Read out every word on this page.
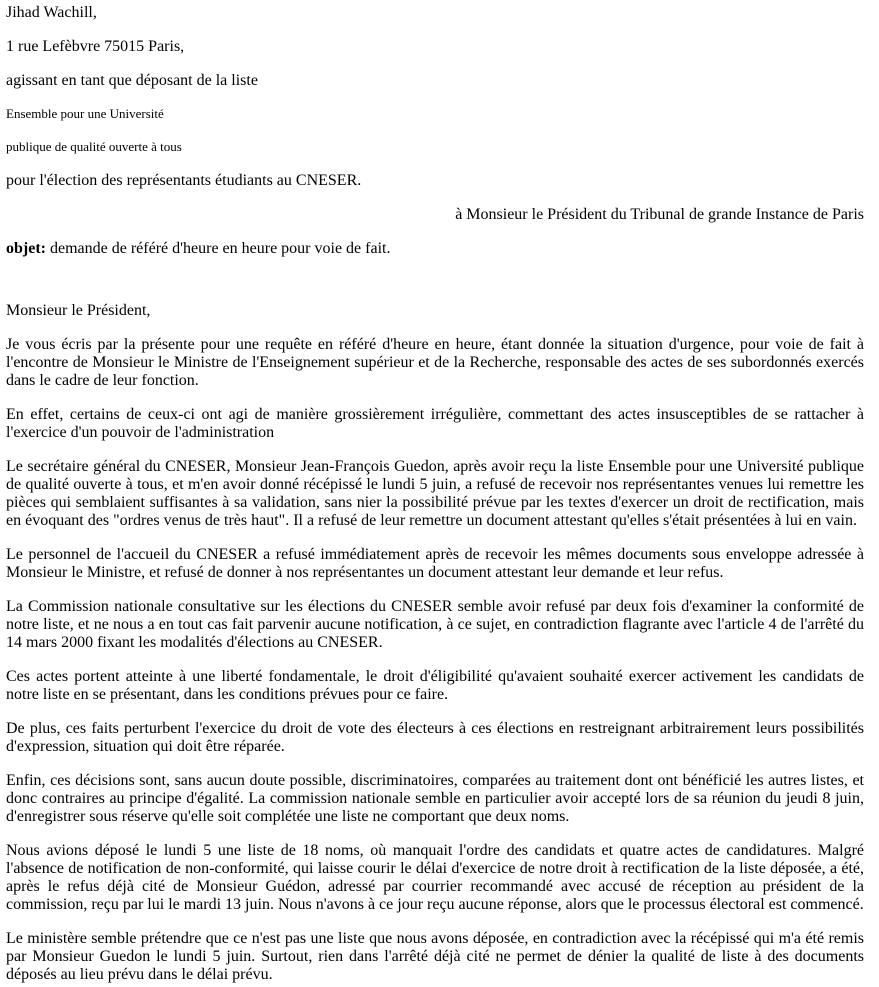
Jihad Wachill,

1 rue Lefèbvre 75015 Paris,

agissant en tant que déposant de la liste

Ensemble pour une Université

publique de qualité ouverte à tous

pour l'élection des représentants étudiants au CNESER.

à Monsieur le Président du Tribunal de grande Instance de Paris

objet: demande de référé d'heure en heure pour voie de fait.

Monsieur le Président,

Je vous écris par la présente pour une requête en référé d'heure en heure, étant donnée la situation d'urgence, pour voie de fait à l'encontre de Monsieur le Ministre de l'Enseignement supérieur et de la Recherche, responsable des actes de ses subordonnés exercés dans le cadre de leur fonction.

En effet, certains de ceux-ci ont agi de manière grossièrement irrégulière, commettant des actes insusceptibles de se rattacher à l'exercice d'un pouvoir de l'administration

Le secrétaire général du CNESER, Monsieur Jean-François Guedon, après avoir reçu la liste Ensemble pour une Université publique de qualité ouverte à tous, et m'en avoir donné récépissé le lundi 5 juin, a refusé de recevoir nos représentantes venues lui remettre les pièces qui semblaient suffisantes à sa validation, sans nier la possibilité prévue par les textes d'exercer un droit de rectification, mais en évoquant des "ordres venus de très haut". Il a refusé de leur remettre un document attestant qu'elles s'était présentées à lui en vain.

Le personnel de l'accueil du CNESER a refusé immédiatement après de recevoir les mêmes documents sous enveloppe adressée à Monsieur le Ministre, et refusé de donner à nos représentantes un document attestant leur demande et leur refus.

La Commission nationale consultative sur les élections du CNESER semble avoir refusé par deux fois d'examiner la conformité de notre liste, et ne nous a en tout cas fait parvenir aucune notification, à ce sujet, en contradiction flagrante avec l'article 4 de l'arrêté du 14 mars 2000 fixant les modalités d'élections au CNESER.

Ces actes portent atteinte à une liberté fondamentale, le droit d'éligibilité qu'avaient souhaité exercer activement les candidats de notre liste en se présentant, dans les conditions prévues pour ce faire.

De plus, ces faits perturbent l'exercice du droit de vote des électeurs à ces élections en restreignant arbitrairement leurs possibilités d'expression, situation qui doit être réparée.

Enfin, ces décisions sont, sans aucun doute possible, discriminatoires, comparées au traitement dont ont bénéficié les autres listes, et donc contraires au principe d'égalité. La commission nationale semble en particulier avoir accepté lors de sa réunion du jeudi 8 juin, d'enregistrer sous réserve qu'elle soit complétée une liste ne comportant que deux noms.

Nous avions déposé le lundi 5 une liste de 18 noms, où manquait l'ordre des candidats et quatre actes de candidatures. Malgré l'absence de notification de non-conformité, qui laisse courir le délai d'exercice de notre droit à rectification de la liste déposée, a été, après le refus déjà cité de Monsieur Guédon, adressé par courrier recommandé avec accusé de réception au président de la commission, reçu par lui le mardi 13 juin. Nous n'avons à ce jour reçu aucune réponse, alors que le processus électoral est commencé.

Le ministère semble prétendre que ce n'est pas une liste que nous avons déposée, en contradiction avec la récépissé qui m'a été remis par Monsieur Guedon le lundi 5 juin. Surtout, rien dans l'arrêté déjà cité ne permet de dénier la qualité de liste à des documents déposés au lieu prévu dans le délai prévu.
